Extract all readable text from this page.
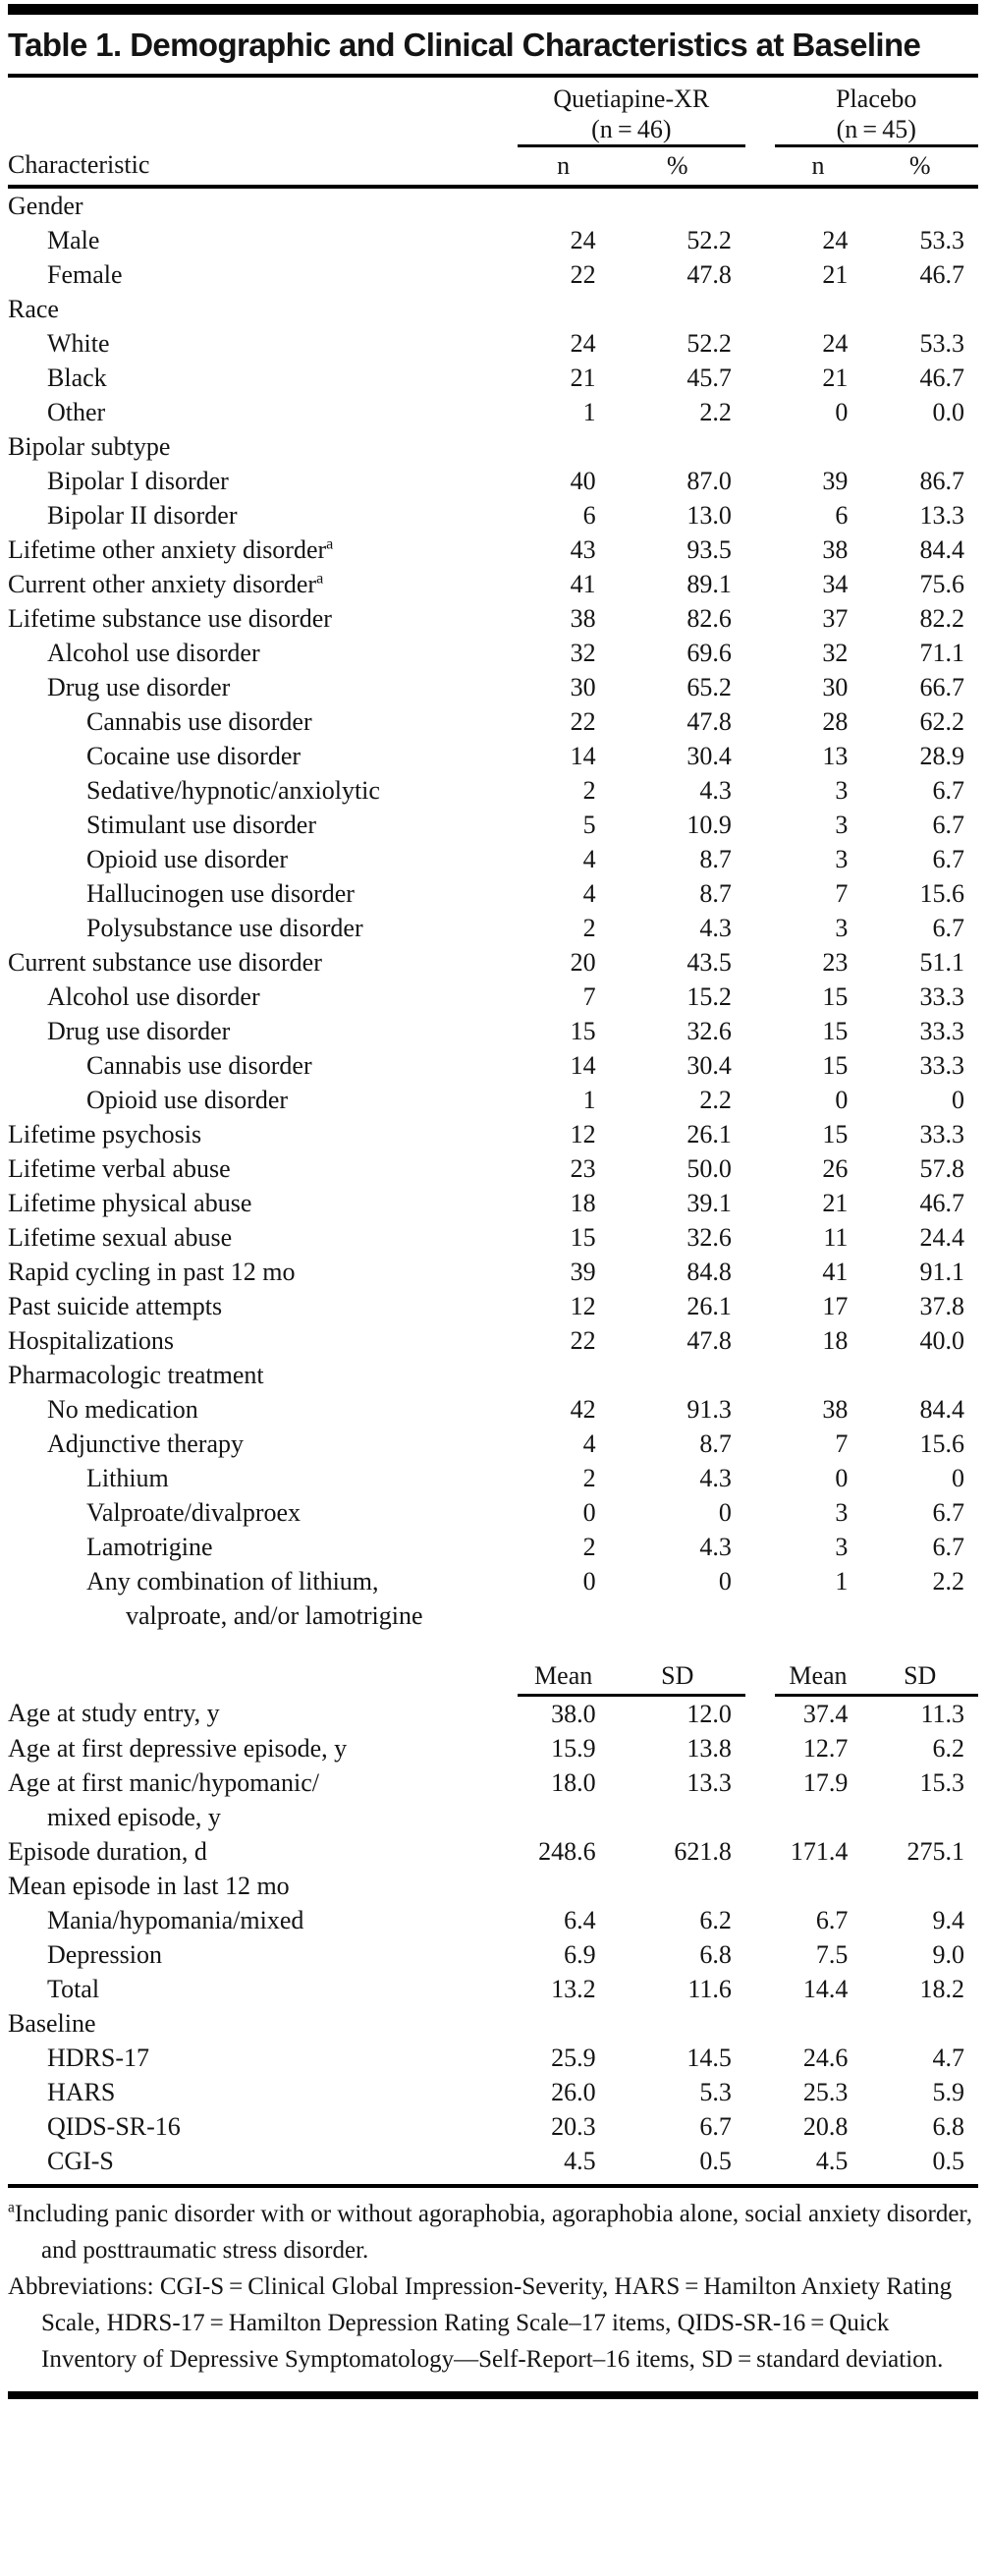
Table 1. Demographic and Clinical Characteristics at Baseline

Quetiapine-XR
(n = 46)

Placebo
(n = 45)

Characteristic	n	%		n	%

Gender					

Male	24	52.2		24	53.3

Female	22	47.8		21	46.7

Race					

White	24	52.2		24	53.3

Black	21	45.7		21	46.7

Other	1	2.2		0	0.0

Bipolar subtype					

Bipolar I disorder	40	87.0		39	86.7

Bipolar II disorder	6	13.0		6	13.3

Lifetime other anxiety disorder$^a$	43	93.5		38	84.4

Current other anxiety disorder$^a$	41	89.1		34	75.6

Lifetime substance use disorder	38	82.6		37	82.2

Alcohol use disorder	32	69.6		32	71.1

Drug use disorder	30	65.2		30	66.7

Cannabis use disorder	22	47.8		28	62.2

Cocaine use disorder	14	30.4		13	28.9

Sedative/hypnotic/anxiolytic	2	4.3		3	6.7

Stimulant use disorder	5	10.9		3	6.7

Opioid use disorder	4	8.7		3	6.7

Hallucinogen use disorder	4	8.7		7	15.6

Polysubstance use disorder	2	4.3		3	6.7

Current substance use disorder	20	43.5		23	51.1

Alcohol use disorder	7	15.2		15	33.3

Drug use disorder	15	32.6		15	33.3

Cannabis use disorder	14	30.4		15	33.3

Opioid use disorder	1	2.2		0	0

Lifetime psychosis	12	26.1		15	33.3

Lifetime verbal abuse	23	50.0		26	57.8

Lifetime physical abuse	18	39.1		21	46.7

Lifetime sexual abuse	15	32.6		11	24.4

Rapid cycling in past 12 mo	39	84.8		41	91.1

Past suicide attempts	12	26.1		17	37.8

Hospitalizations	22	47.8		18	40.0

Pharmacologic treatment					

No medication	42	91.3		38	84.4

Adjunctive therapy	4	8.7		7	15.6

Lithium	2	4.3		0	0

Valproate/divalproex	0	0		3	6.7

Lamotrigine	2	4.3		3	6.7

Any combination of lithium,
valproate, and/or lamotrigine	0	0		1	2.2

	Mean	SD		Mean	SD

Age at study entry, y	38.0	12.0		37.4	11.3

Age at first depressive episode, y	15.9	13.8		12.7	6.2

Age at first manic/hypomanic/
mixed episode, y	18.0	13.3		17.9	15.3

Episode duration, d	248.6	621.8		171.4	275.1

Mean episode in last 12 mo					

Mania/hypomania/mixed	6.4	6.2		6.7	9.4

Depression	6.9	6.8		7.5	9.0

Total	13.2	11.6		14.4	18.2

Baseline					

HDRS-17	25.9	14.5		24.6	4.7

HARS	26.0	5.3		25.3	5.9

QIDS-SR-16	20.3	6.7		20.8	6.8

CGI-S	4.5	0.5		4.5	0.5

$^a$Including panic disorder with or without agoraphobia, agoraphobia alone, social anxiety disorder, and posttraumatic stress disorder.

Abbreviations: CGI-S = Clinical Global Impression-Severity, HARS = Hamilton Anxiety Rating Scale, HDRS-17 = Hamilton Depression Rating Scale–17 items, QIDS-SR-16 = Quick Inventory of Depressive Symptomatology—Self-Report–16 items, SD = standard deviation.
